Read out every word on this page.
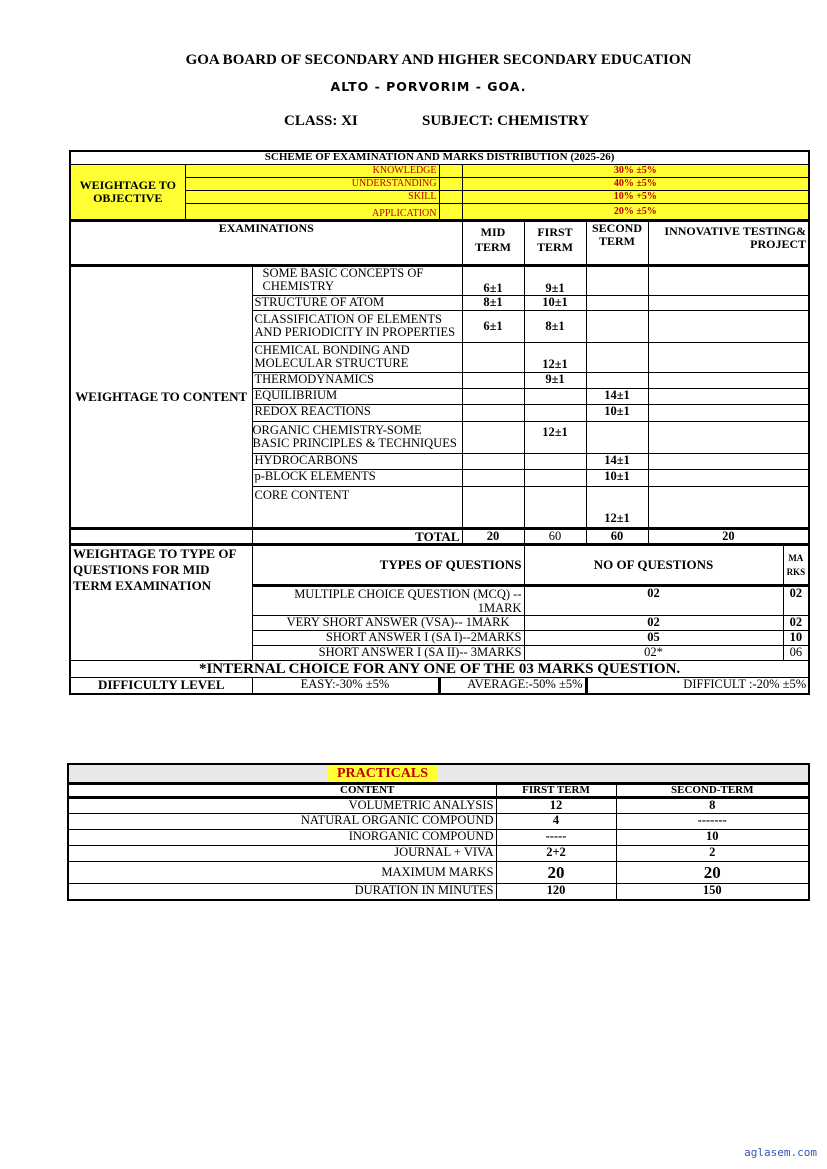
GOA BOARD OF SECONDARY AND HIGHER SECONDARY EDUCATION
ALTO - PORVORIM - GOA.
CLASS: XI	SUBJECT: CHEMISTRY
SCHEME OF EXAMINATION AND MARKS DISTRIBUTION (2025-26)								
WEIGHTAGE TO OBJECTIVE	KNOWLEDGE			30% ±5%				
	UNDERSTANDING			40% ±5%				
	SKILL			10% +5%				
	APPLICATION			20% ±5%				
EXAMINATIONS				MID TERM	FIRST TERM	SECOND TERM	INNOVATIVE TESTING& PROJECT	
WEIGHTAGE TO CONTENT		SOME BASIC CONCEPTS OF CHEMISTRY		6±1	9±1			
		STRUCTURE OF ATOM		8±1	10±1			
		CLASSIFICATION OF ELEMENTS AND PERIODICITY IN PROPERTIES		6±1	8±1			
		CHEMICAL BONDING AND MOLECULAR STRUCTURE			12±1			
		THERMODYNAMICS			9±1			
		EQUILIBRIUM				14±1		
		REDOX REACTIONS				10±1		
		ORGANIC CHEMISTRY-SOME BASIC PRINCIPLES & TECHNIQUES			12±1			
		HYDROCARBONS				14±1		
		p-BLOCK ELEMENTS				10±1		
		CORE CONTENT				12±1		
		TOTAL		20	60	60	20	
WEIGHTAGE TO TYPE OF QUESTIONS FOR MID TERM EXAMINATION		TYPES OF QUESTIONS			NO OF QUESTIONS			MARKS
		MULTIPLE CHOICE QUESTION (MCQ) -- 1MARK			02			02
		VERY SHORT ANSWER (VSA)-- 1MARK			02			02
		SHORT ANSWER I (SA I)--2MARKS			05			10
		SHORT ANSWER I (SA II)-- 3MARKS			02*			06
*INTERNAL CHOICE FOR ANY ONE OF THE 03 MARKS QUESTION.								
DIFFICULTY LEVEL		EASY:-30% ±5%	AVERAGE:-50% ±5%			DIFFICULT :-20% ±5%		
PRACTICALS		
CONTENT	FIRST TERM	SECOND-TERM
VOLUMETRIC ANALYSIS	12	8
NATURAL ORGANIC COMPOUND	4	-------
INORGANIC COMPOUND	-----	10
JOURNAL + VIVA	2+2	2
MAXIMUM MARKS	20	20
DURATION IN MINUTES	120	150
aglasem.com
